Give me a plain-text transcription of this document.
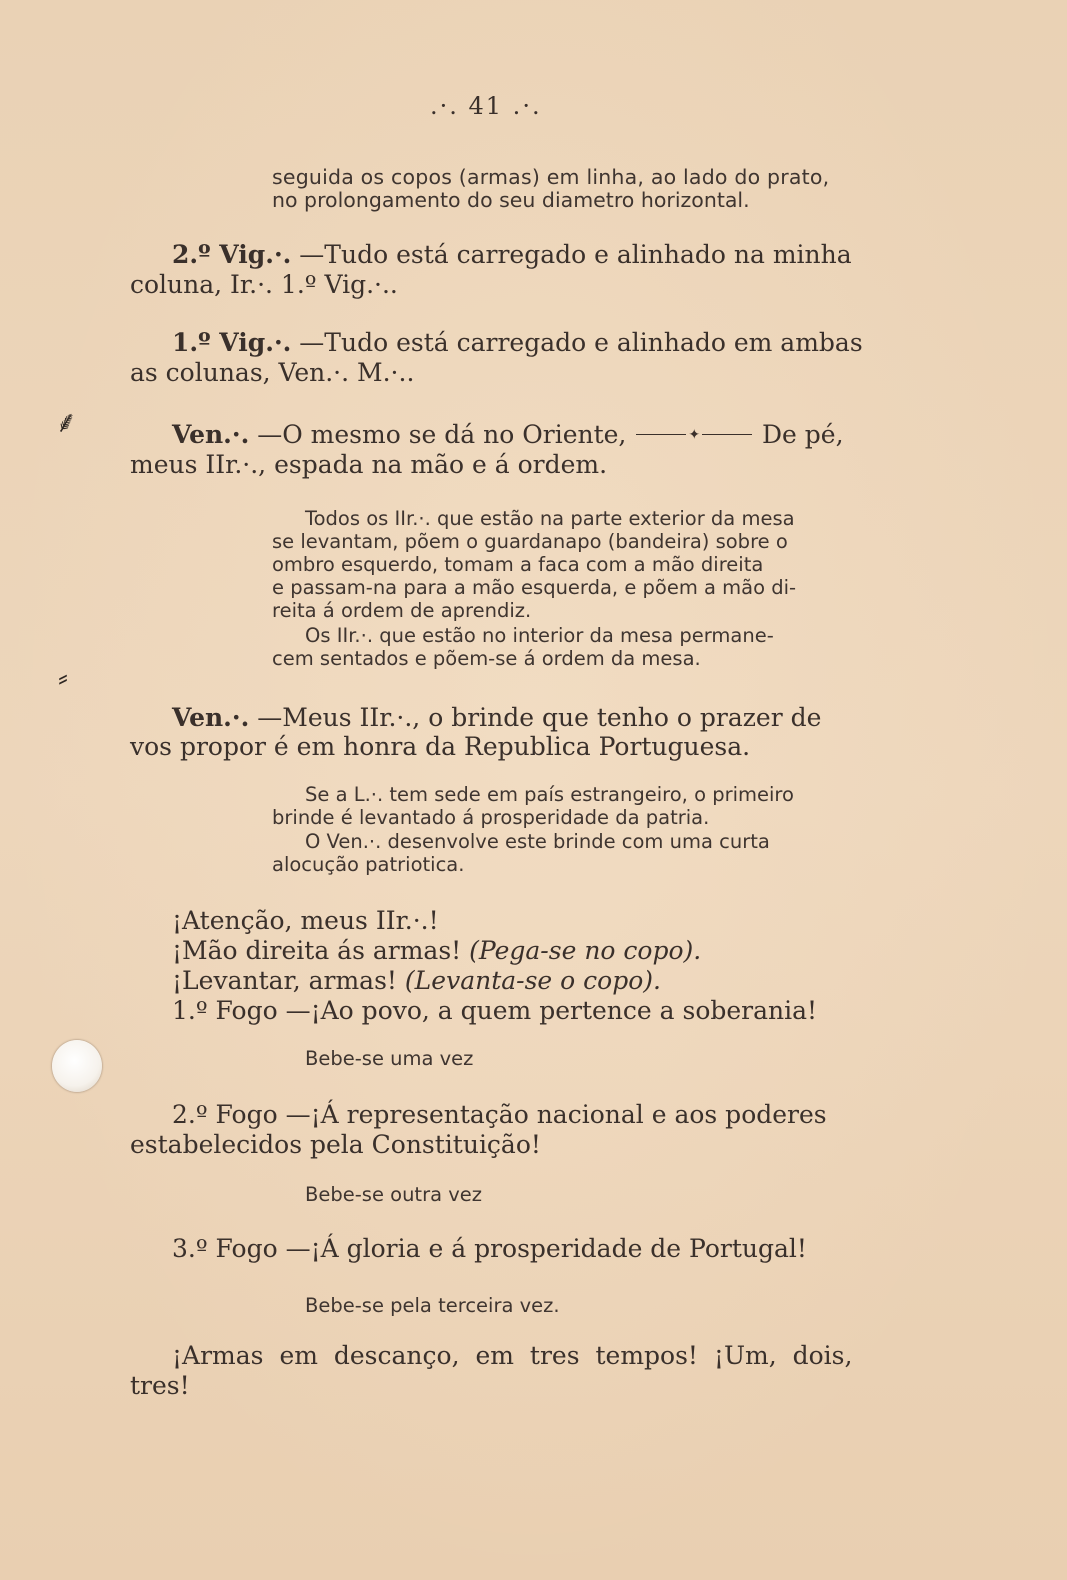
⸙
⸗
.·. 41 .·.
seguida os copos (armas) em linha, ao lado do prato,
no prolongamento do seu diametro horizontal.
2.º Vig.·. —Tudo está carregado e alinhado na minha
coluna, Ir.·. 1.º Vig.·..
1.º Vig.·. —Tudo está carregado e alinhado em ambas
as colunas, Ven.·. M.·..
Ven.·. —O mesmo se dá no Oriente,	✦ De pé,
meus IIr.·., espada na mão e á ordem.
Todos os IIr.·. que estão na parte exterior da mesa
se levantam, põem o guardanapo (bandeira) sobre o
ombro esquerdo, tomam a faca com a mão direita
e passam-na para a mão esquerda, e põem a mão di-
reita á ordem de aprendiz.
Os IIr.·. que estão no interior da mesa permane-
cem sentados e põem-se á ordem da mesa.
Ven.·. —Meus IIr.·., o brinde que tenho o prazer de
vos propor é em honra da Republica Portuguesa.
Se a L.·. tem sede em país estrangeiro, o primeiro
brinde é levantado á prosperidade da patria.
O Ven.·. desenvolve este brinde com uma curta
alocução patriotica.
¡Atenção, meus IIr.·.!
¡Mão direita ás armas! (Pega-se no copo).
¡Levantar, armas! (Levanta-se o copo).
1.º Fogo —¡Ao povo, a quem pertence a soberania!
Bebe-se uma vez
2.º Fogo —¡Á representação nacional e aos poderes
estabelecidos pela Constituição!
Bebe-se outra vez
3.º Fogo —¡Á gloria e á prosperidade de Portugal!
Bebe-se pela terceira vez.
¡Armas em descanço, em tres tempos! ¡Um, dois,
tres!
